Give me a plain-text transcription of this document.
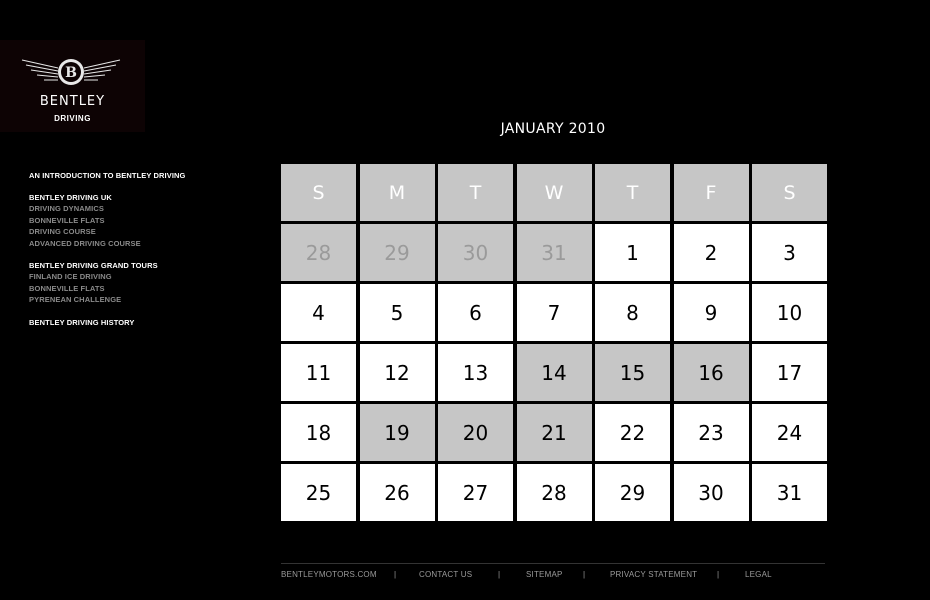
B
BENTLEY
DRIVING
AN INTRODUCTION TO BENTLEY DRIVING
BENTLEY DRIVING UK
DRIVING DYNAMICS
BONNEVILLE FLATS
DRIVING COURSE
ADVANCED DRIVING COURSE
BENTLEY DRIVING GRAND TOURS
FINLAND ICE DRIVING
BONNEVILLE FLATS
PYRENEAN CHALLENGE
BENTLEY DRIVING HISTORY
JANUARY 2010
S	M	T	W	T	F	S
28	29	30	31	1	2	3
4	5	6	7	8	9	10
11	12	13	14	15	16	17
18	19	20	21	22	23	24
25	26	27	28	29	30	31
BENTLEYMOTORS.COM |	CONTACT US	|	SITEMAP	|	PRIVACY STATEMENT |	LEGAL
